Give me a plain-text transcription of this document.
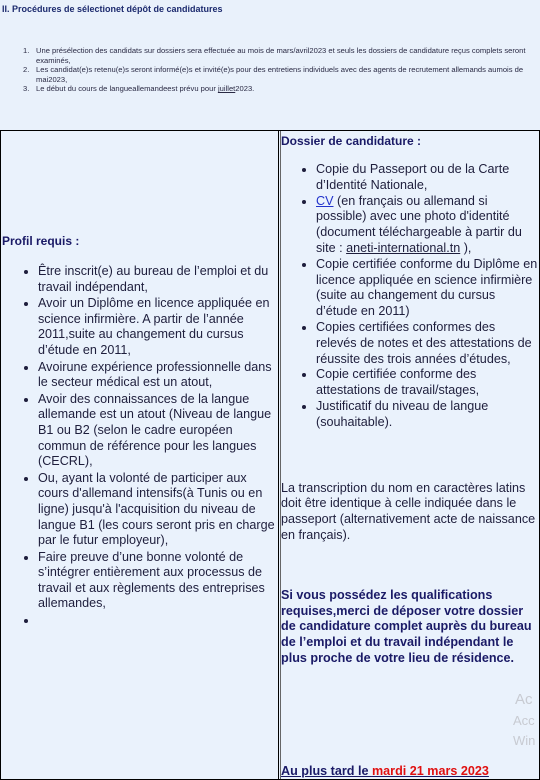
II. Procédures de sélectionet dépôt de candidatures
1. Une présélection des candidats sur dossiers sera effectuée au mois de mars/avril2023 et seuls les dossiers de candidature reçus complets seront examinés,
2. Les candidat(e)s retenu(e)s seront informé(e)s et invité(e)s pour des entretiens individuels avec des agents de recrutement allemands aumois de mai2023,
3. Le début du cours de langueallemandeest prévu pour juillet2023.

Profil requis :

• Être inscrit(e) au bureau de l’emploi et du travail indépendant,
• Avoir un Diplôme en licence appliquée en science infirmière. A partir de l’année 2011,suite au changement du cursus d’étude en 2011,
• Avoirune expérience professionnelle dans le secteur médical est un atout,
• Avoir des connaissances de la langue allemande est un atout (Niveau de langue B1 ou B2 (selon le cadre européen commun de référence pour les langues (CECRL),
• Ou, ayant la volonté de participer aux cours d'allemand intensifs(à Tunis ou en ligne) jusqu'à l'acquisition du niveau de langue B1 (les cours seront pris en charge par le futur employeur),
• Faire preuve d’une bonne volonté de s’intégrer entièrement aux processus de travail et aux règlements des entreprises allemandes,
•

Dossier de candidature :

• Copie du Passeport ou de la Carte d’Identité Nationale,
• CV (en français ou allemand si possible) avec une photo d'identité (document téléchargeable à partir du site : aneti-international.tn ),
• Copie certifiée conforme du Diplôme en licence appliquée en science infirmière (suite au changement du cursus d’étude en 2011)
• Copies certifiées conformes des relevés de notes et des attestations de réussite des trois années d’études,
• Copie certifiée conforme des attestations de travail/stages,
• Justificatif du niveau de langue (souhaitable).

La transcription du nom en caractères latins doit être identique à celle indiquée dans le passeport (alternativement acte de naissance en français).

Si vous possédez les qualifications requises,merci de déposer votre dossier de candidature complet auprès du bureau de l’emploi et du travail indépendant le plus proche de votre lieu de résidence.

Au plus tard le mardi 21 mars 2023
Ac
Acc
Win
